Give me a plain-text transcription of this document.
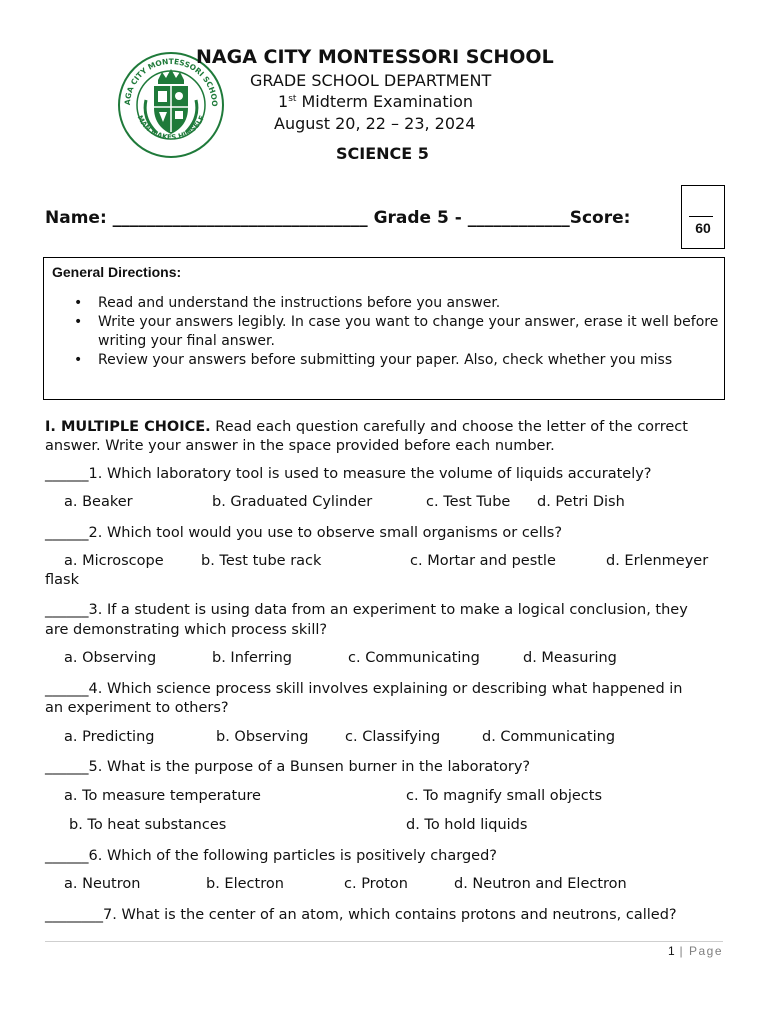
AGA CITY MONTESSORI SCHOO
MAN MAKES HIMSELF
NAGA CITY MONTESSORI SCHOOL
GRADE SCHOOL DEPARTMENT
1st Midterm Examination
August 20, 22 – 23, 2024
SCIENCE 5
60
Name: ______________________________ Grade 5 - ____________Score:
General Directions:
• Read and understand the instructions before you answer.
• Write your answers legibly. In case you want to change your answer, erase it well before writing your final answer.
• Review your answers before submitting your paper. Also, check whether you miss
I. MULTIPLE CHOICE. Read each question carefully and choose the letter of the correct answer. Write your answer in the space provided before each number.
______1. Which laboratory tool is used to measure the volume of liquids accurately?
a. Beaker	b. Graduated Cylinder	c. Test Tube d. Petri Dish
______2. Which tool would you use to observe small organisms or cells?
a. Microscope	b. Test tube rack	c. Mortar and pestle	d. Erlenmeyer
flask
______3. If a student is using data from an experiment to make a logical conclusion, they
are demonstrating which process skill?
a. Observing	b. Inferring	c. Communicating	d. Measuring
______4. Which science process skill involves explaining or describing what happened in
an experiment to others?
a. Predicting	b. Observing	c. Classifying	d. Communicating
______5. What is the purpose of a Bunsen burner in the laboratory?
a. To measure temperature	c. To magnify small objects
b. To heat substances	d. To hold liquids
______6. Which of the following particles is positively charged?
a. Neutron	b. Electron	c. Proton	d. Neutron and Electron
________7. What is the center of an atom, which contains protons and neutrons, called?
1 | Page
